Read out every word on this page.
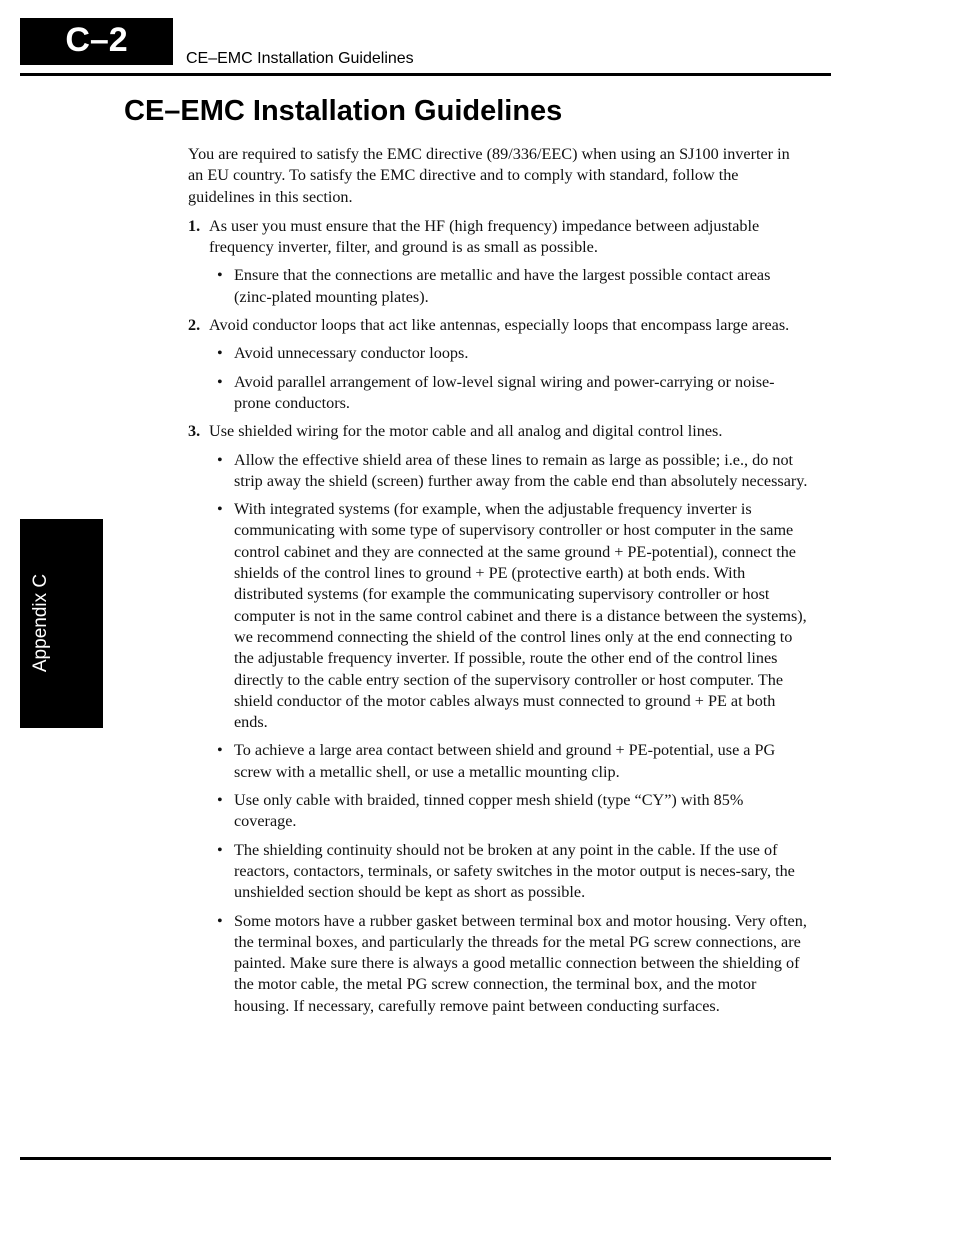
C–2	CE–EMC Installation Guidelines
Appendix C
CE–EMC Installation Guidelines

You are required to satisfy the EMC directive (89/336/EEC) when using an SJ100 inverter in an EU country. To satisfy the EMC directive and to comply with standard, follow the guidelines in this section.

1. As user you must ensure that the HF (high frequency) impedance between adjustable frequency inverter, filter, and ground is as small as possible.
• Ensure that the connections are metallic and have the largest possible contact areas (zinc-plated mounting plates).
2. Avoid conductor loops that act like antennas, especially loops that encompass large areas.
• Avoid unnecessary conductor loops.
• Avoid parallel arrangement of low-level signal wiring and power-carrying or noise-prone conductors.
3. Use shielded wiring for the motor cable and all analog and digital control lines.
• Allow the effective shield area of these lines to remain as large as possible; i.e., do not strip away the shield (screen) further away from the cable end than absolutely necessary.
• With integrated systems (for example, when the adjustable frequency inverter is communicating with some type of supervisory controller or host computer in the same control cabinet and they are connected at the same ground + PE-potential), connect the shields of the control lines to ground + PE (protective earth) at both ends. With distributed systems (for example the communicating supervisory controller or host computer is not in the same control cabinet and there is a distance between the systems), we recommend connecting the shield of the control lines only at the end connecting to the adjustable frequency inverter. If possible, route the other end of the control lines directly to the cable entry section of the supervisory controller or host computer. The shield conductor of the motor cables always must connected to ground + PE at both ends.
• To achieve a large area contact between shield and ground + PE-potential, use a PG screw with a metallic shell, or use a metallic mounting clip.
• Use only cable with braided, tinned copper mesh shield (type “CY”) with 85% coverage.
• The shielding continuity should not be broken at any point in the cable. If the use of reactors, contactors, terminals, or safety switches in the motor output is neces-sary, the unshielded section should be kept as short as possible.
• Some motors have a rubber gasket between terminal box and motor housing. Very often, the terminal boxes, and particularly the threads for the metal PG screw connections, are painted. Make sure there is always a good metallic connection between the shielding of the motor cable, the metal PG screw connection, the terminal box, and the motor housing. If necessary, carefully remove paint between conducting surfaces.
